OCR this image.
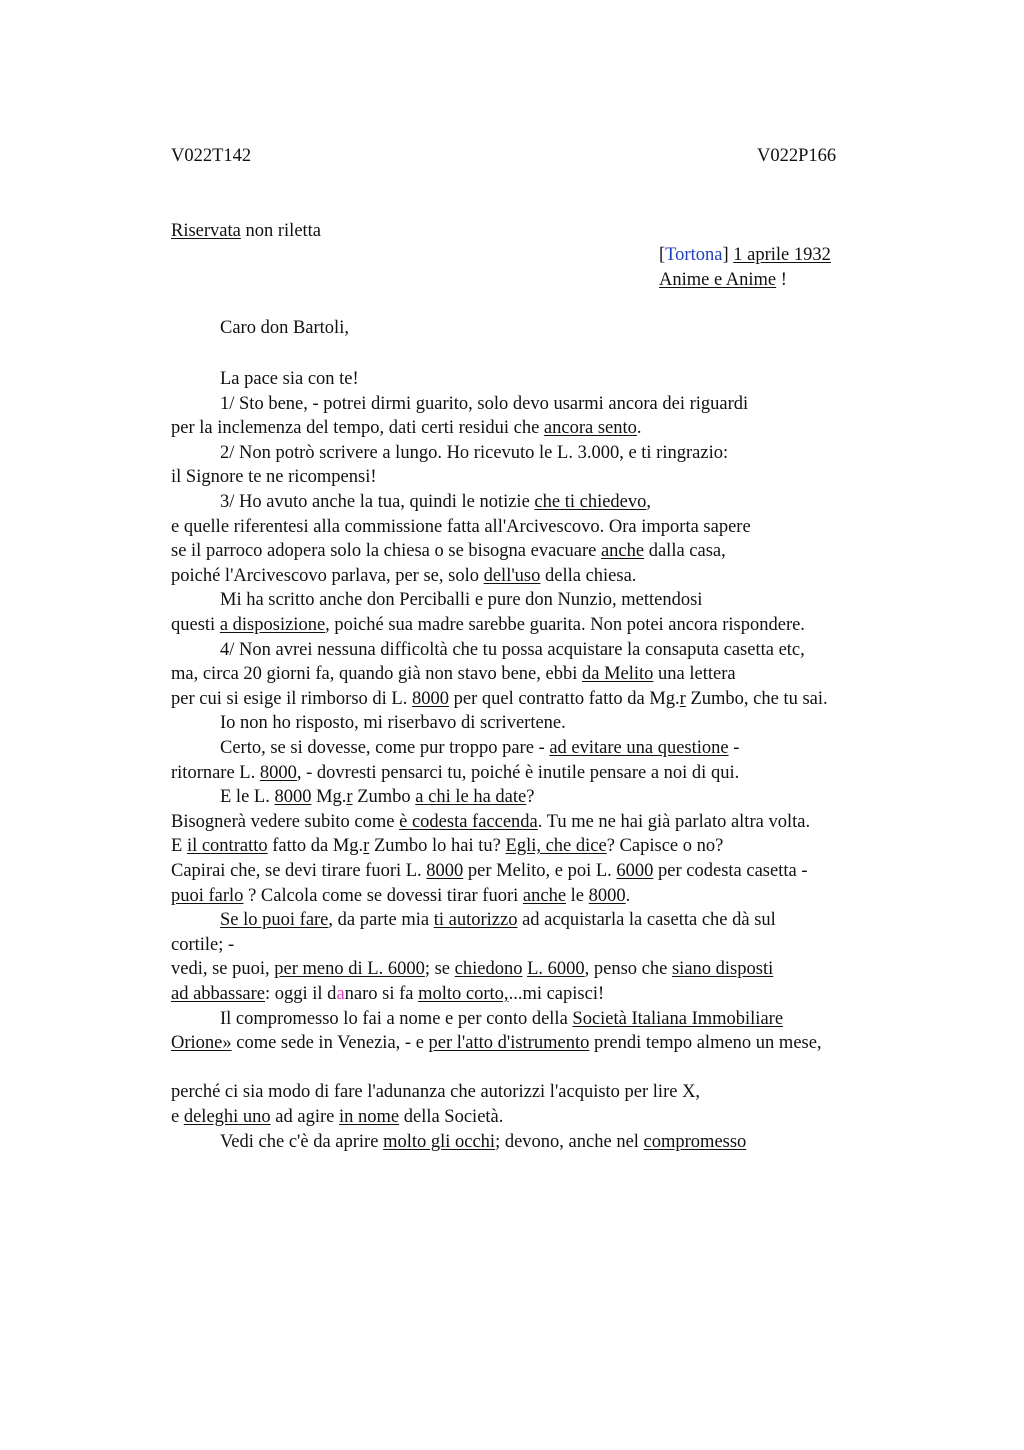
V022T142	V022P166
Riservata non riletta
[Tortona] 1 aprile 1932
Anime e Anime !
Caro don Bartoli,
La pace sia con te!
1/ Sto bene, - potrei dirmi guarito, solo devo usarmi ancora dei riguardi
per la inclemenza del tempo, dati certi residui che ancora sento.
2/ Non potrò scrivere a lungo. Ho ricevuto le L. 3.000, e ti ringrazio:
il Signore te ne ricompensi!
3/ Ho avuto anche la tua, quindi le notizie che ti chiedevo,
e quelle riferentesi alla commissione fatta all'Arcivescovo. Ora importa sapere
se il parroco adopera solo la chiesa o se bisogna evacuare anche dalla casa,
poiché l'Arcivescovo parlava, per se, solo dell'uso della chiesa.
Mi ha scritto anche don Perciballi e pure don Nunzio, mettendosi
questi a disposizione, poiché sua madre sarebbe guarita. Non potei ancora rispondere.
4/ Non avrei nessuna difficoltà che tu possa acquistare la consaputa casetta etc,
ma, circa 20 giorni fa, quando già non stavo bene, ebbi da Melito una lettera
per cui si esige il rimborso di L. 8000 per quel contratto fatto da Mg.r Zumbo, che tu sai.
Io non ho risposto, mi riserbavo di scrivertene.
Certo, se si dovesse, come pur troppo pare - ad evitare una questione -
ritornare L. 8000, - dovresti pensarci tu, poiché è inutile pensare a noi di qui.
E le L. 8000 Mg.r Zumbo a chi le ha date?
Bisognerà vedere subito come è codesta faccenda. Tu me ne hai già parlato altra volta.
E il contratto fatto da Mg.r Zumbo lo hai tu? Egli, che dice? Capisce o no?
Capirai che, se devi tirare fuori L. 8000 per Melito, e poi L. 6000 per codesta casetta -
puoi farlo ? Calcola come se dovessi tirar fuori anche le 8000.
Se lo puoi fare, da parte mia ti autorizzo ad acquistarla la casetta che dà sul
cortile; -
vedi, se puoi, per meno di L. 6000; se chiedono L. 6000, penso che siano disposti
ad abbassare: oggi il danaro si fa molto corto,...mi capisci!
Il compromesso lo fai a nome e per conto della Società Italiana Immobiliare
Orione» come sede in Venezia, - e per l'atto d'istrumento prendi tempo almeno un mese,
perché ci sia modo di fare l'adunanza che autorizzi l'acquisto per lire X,
e deleghi uno ad agire in nome della Società.
Vedi che c'è da aprire molto gli occhi; devono, anche nel compromesso
